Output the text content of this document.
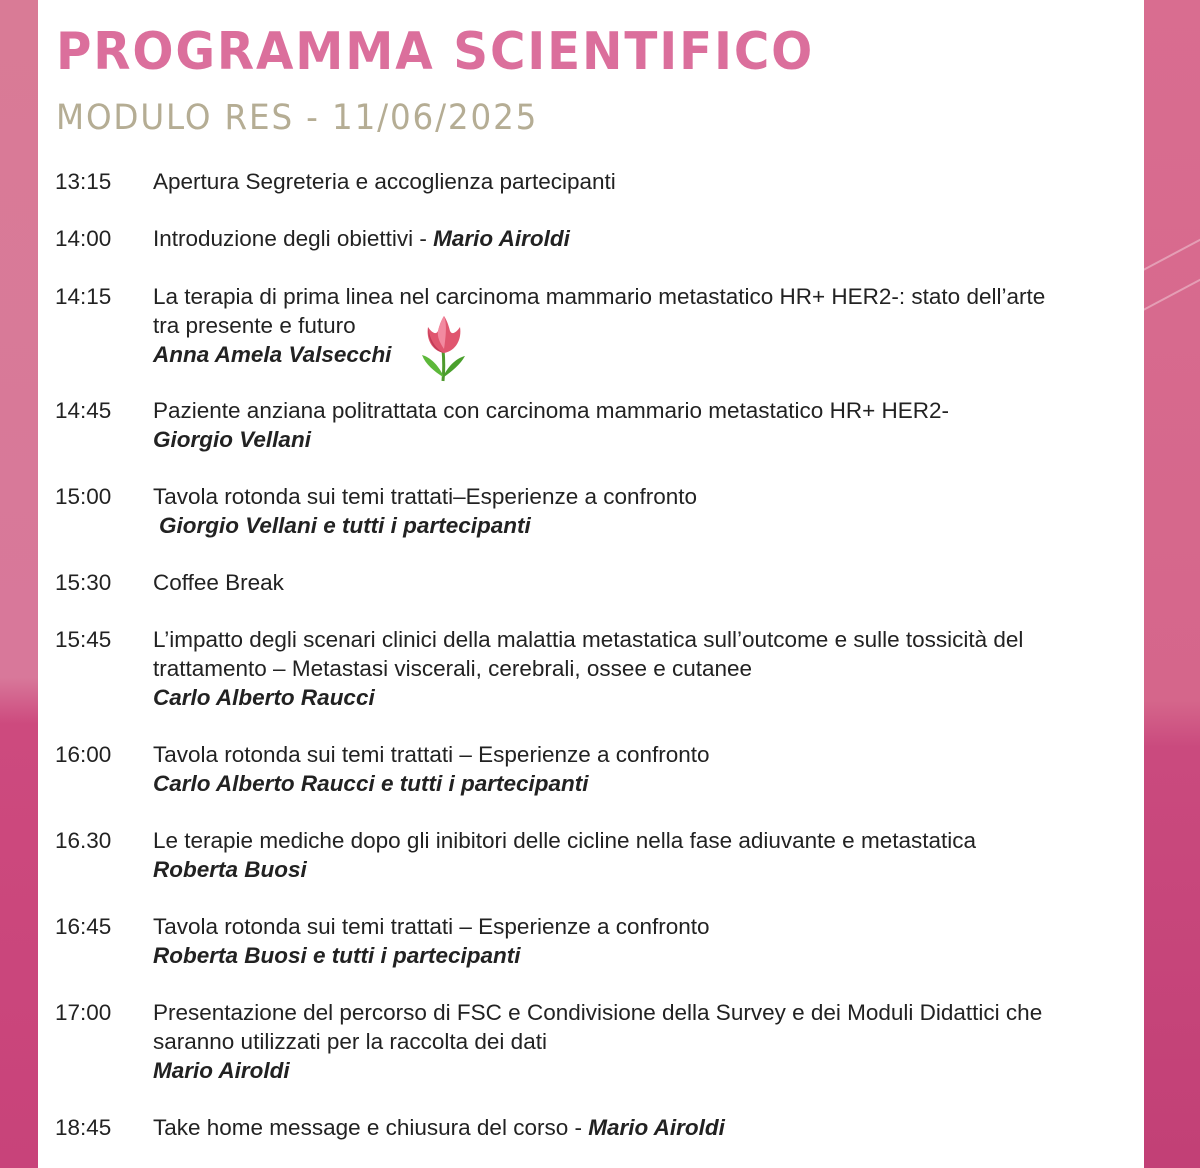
PROGRAMMA SCIENTIFICO
MODULO RES - 11/06/2025
13:15 Apertura Segreteria e accoglienza partecipanti
14:00 Introduzione degli obiettivi - Mario Airoldi
14:15 La terapia di prima linea nel carcinoma mammario metastatico HR+ HER2-: stato dell’arte
tra presente e futuro
Anna Amela Valsecchi
14:45 Paziente anziana politrattata con carcinoma mammario metastatico HR+ HER2-
Giorgio Vellani
15:00 Tavola rotonda sui temi trattati–Esperienze a confronto
Giorgio Vellani e tutti i partecipanti
15:30 Coffee Break
15:45 L’impatto degli scenari clinici della malattia metastatica sull’outcome e sulle tossicità del
trattamento – Metastasi viscerali, cerebrali, ossee e cutanee
Carlo Alberto Raucci
16:00 Tavola rotonda sui temi trattati – Esperienze a confronto
Carlo Alberto Raucci e tutti i partecipanti
16.30 Le terapie mediche dopo gli inibitori delle cicline nella fase adiuvante e metastatica
Roberta Buosi
16:45 Tavola rotonda sui temi trattati – Esperienze a confronto
Roberta Buosi e tutti i partecipanti
17:00 Presentazione del percorso di FSC e Condivisione della Survey e dei Moduli Didattici che
saranno utilizzati per la raccolta dei dati
Mario Airoldi
18:45 Take home message e chiusura del corso - Mario Airoldi
